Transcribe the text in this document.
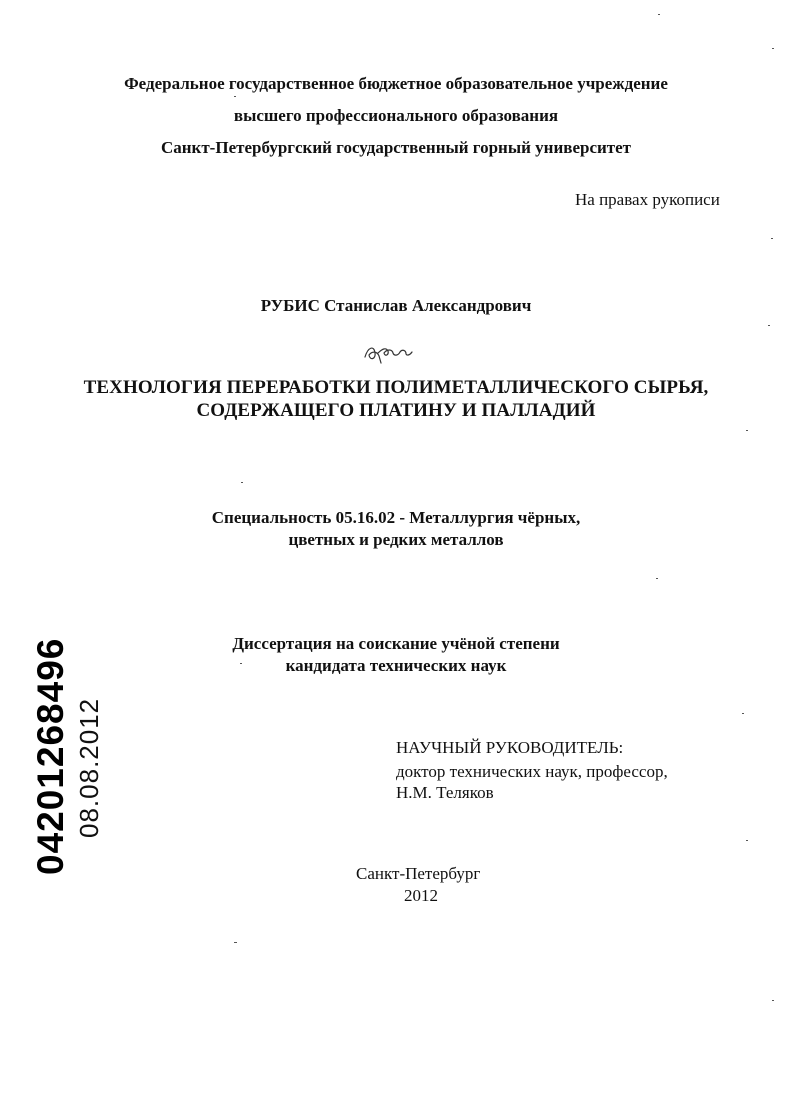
Федеральное государственное бюджетное образовательное учреждение
высшего профессионального образования
Санкт-Петербургский государственный горный университет
На правах рукописи
РУБИС Станислав Александрович
ТЕХНОЛОГИЯ ПЕРЕРАБОТКИ ПОЛИМЕТАЛЛИЧЕСКОГО СЫРЬЯ,
СОДЕРЖАЩЕГО ПЛАТИНУ И ПАЛЛАДИЙ
Специальность 05.16.02 - Металлургия чёрных,
цветных и редких металлов
Диссертация на соискание учёной степени
кандидата технических наук
НАУЧНЫЙ РУКОВОДИТЕЛЬ:
доктор технических наук, профессор,
Н.М. Теляков
Санкт-Петербург
2012
04201268496 08.08.2012
